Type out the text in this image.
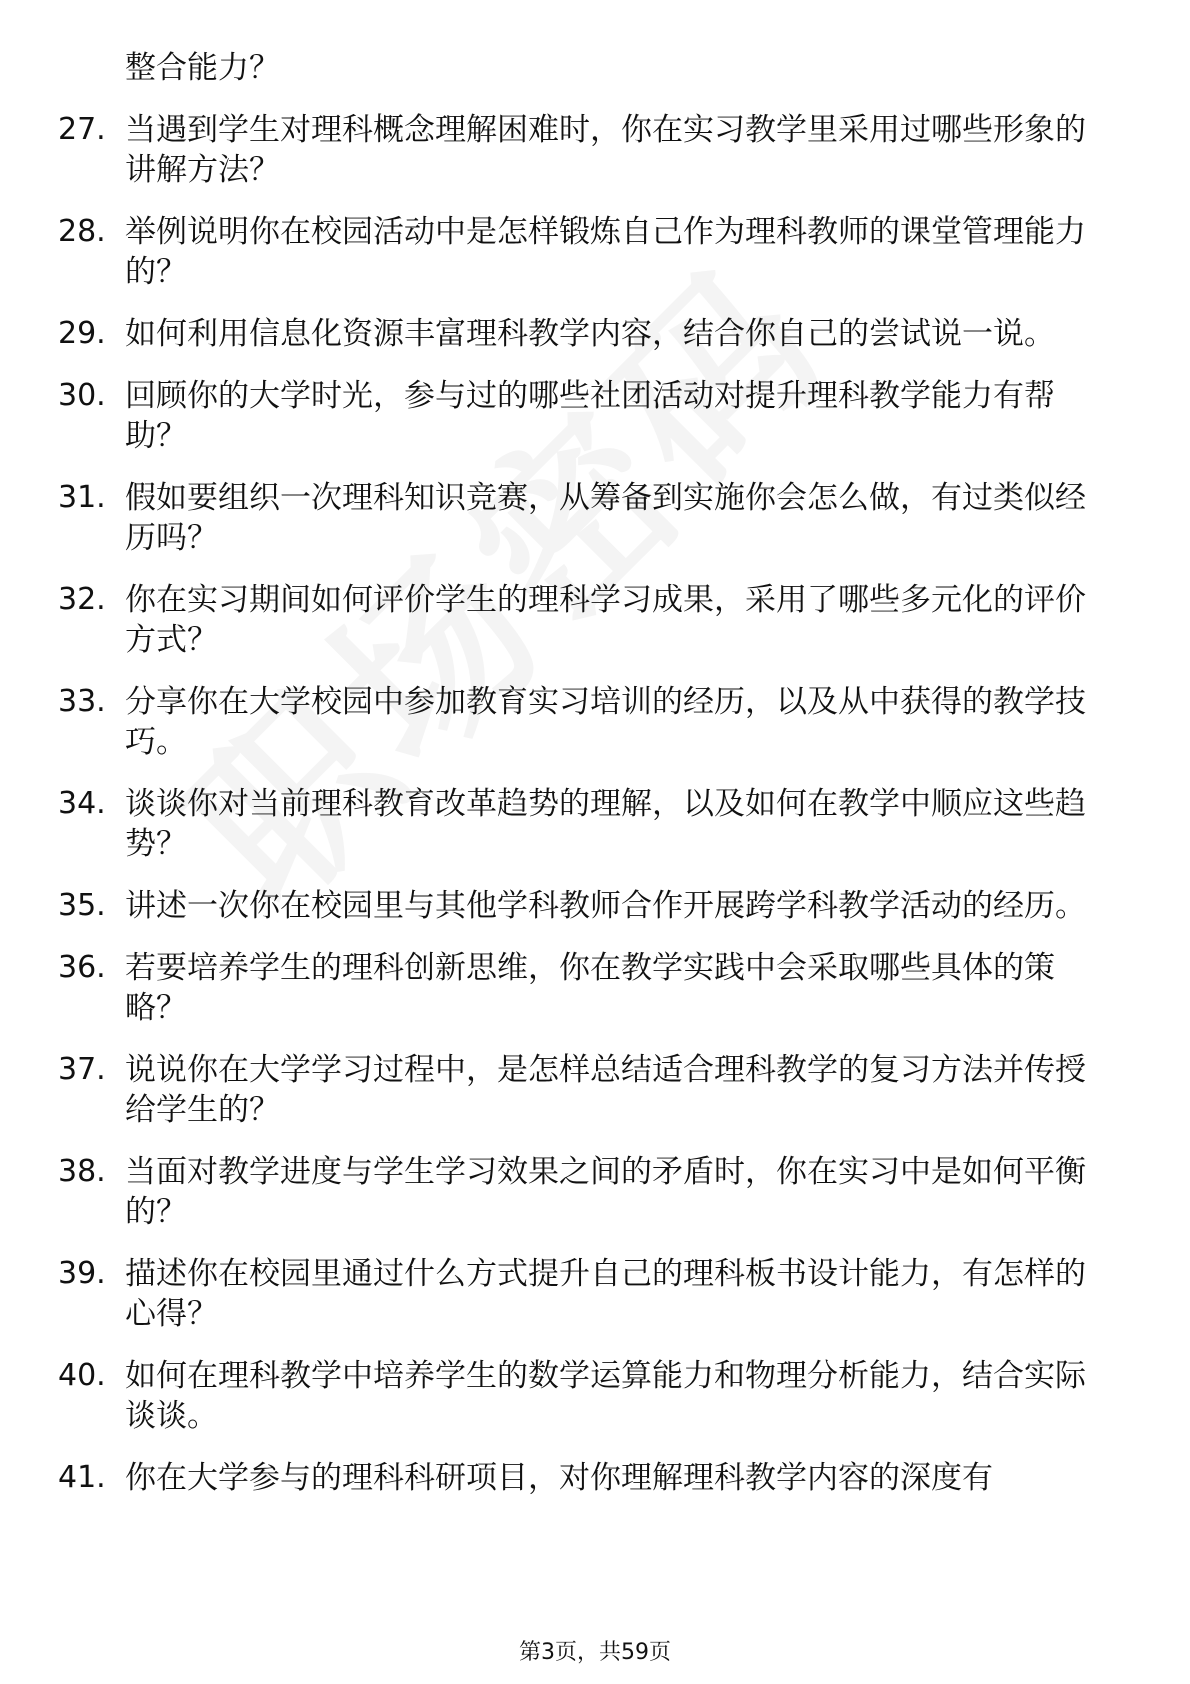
整合能力？
27. 当遇到学生对理科概念理解困难时，你在实习教学里采用过哪些形象的讲解方法？
28. 举例说明你在校园活动中是怎样锻炼自己作为理科教师的课堂管理能力的？
29. 如何利用信息化资源丰富理科教学内容，结合你自己的尝试说一说。
30. 回顾你的大学时光，参与过的哪些社团活动对提升理科教学能力有帮助？
31. 假如要组织一次理科知识竞赛，从筹备到实施你会怎么做，有过类似经历吗？
32. 你在实习期间如何评价学生的理科学习成果，采用了哪些多元化的评价方式？
33. 分享你在大学校园中参加教育实习培训的经历，以及从中获得的教学技巧。
34. 谈谈你对当前理科教育改革趋势的理解，以及如何在教学中顺应这些趋势？
35. 讲述一次你在校园里与其他学科教师合作开展跨学科教学活动的经历。
36. 若要培养学生的理科创新思维，你在教学实践中会采取哪些具体的策略？
37. 说说你在大学学习过程中，是怎样总结适合理科教学的复习方法并传授给学生的？
38. 当面对教学进度与学生学习效果之间的矛盾时，你在实习中是如何平衡的？
39. 描述你在校园里通过什么方式提升自己的理科板书设计能力，有怎样的心得？
40. 如何在理科教学中培养学生的数学运算能力和物理分析能力，结合实际谈谈。
41. 你在大学参与的理科科研项目，对你理解理科教学内容的深度有
第3页，共59页
